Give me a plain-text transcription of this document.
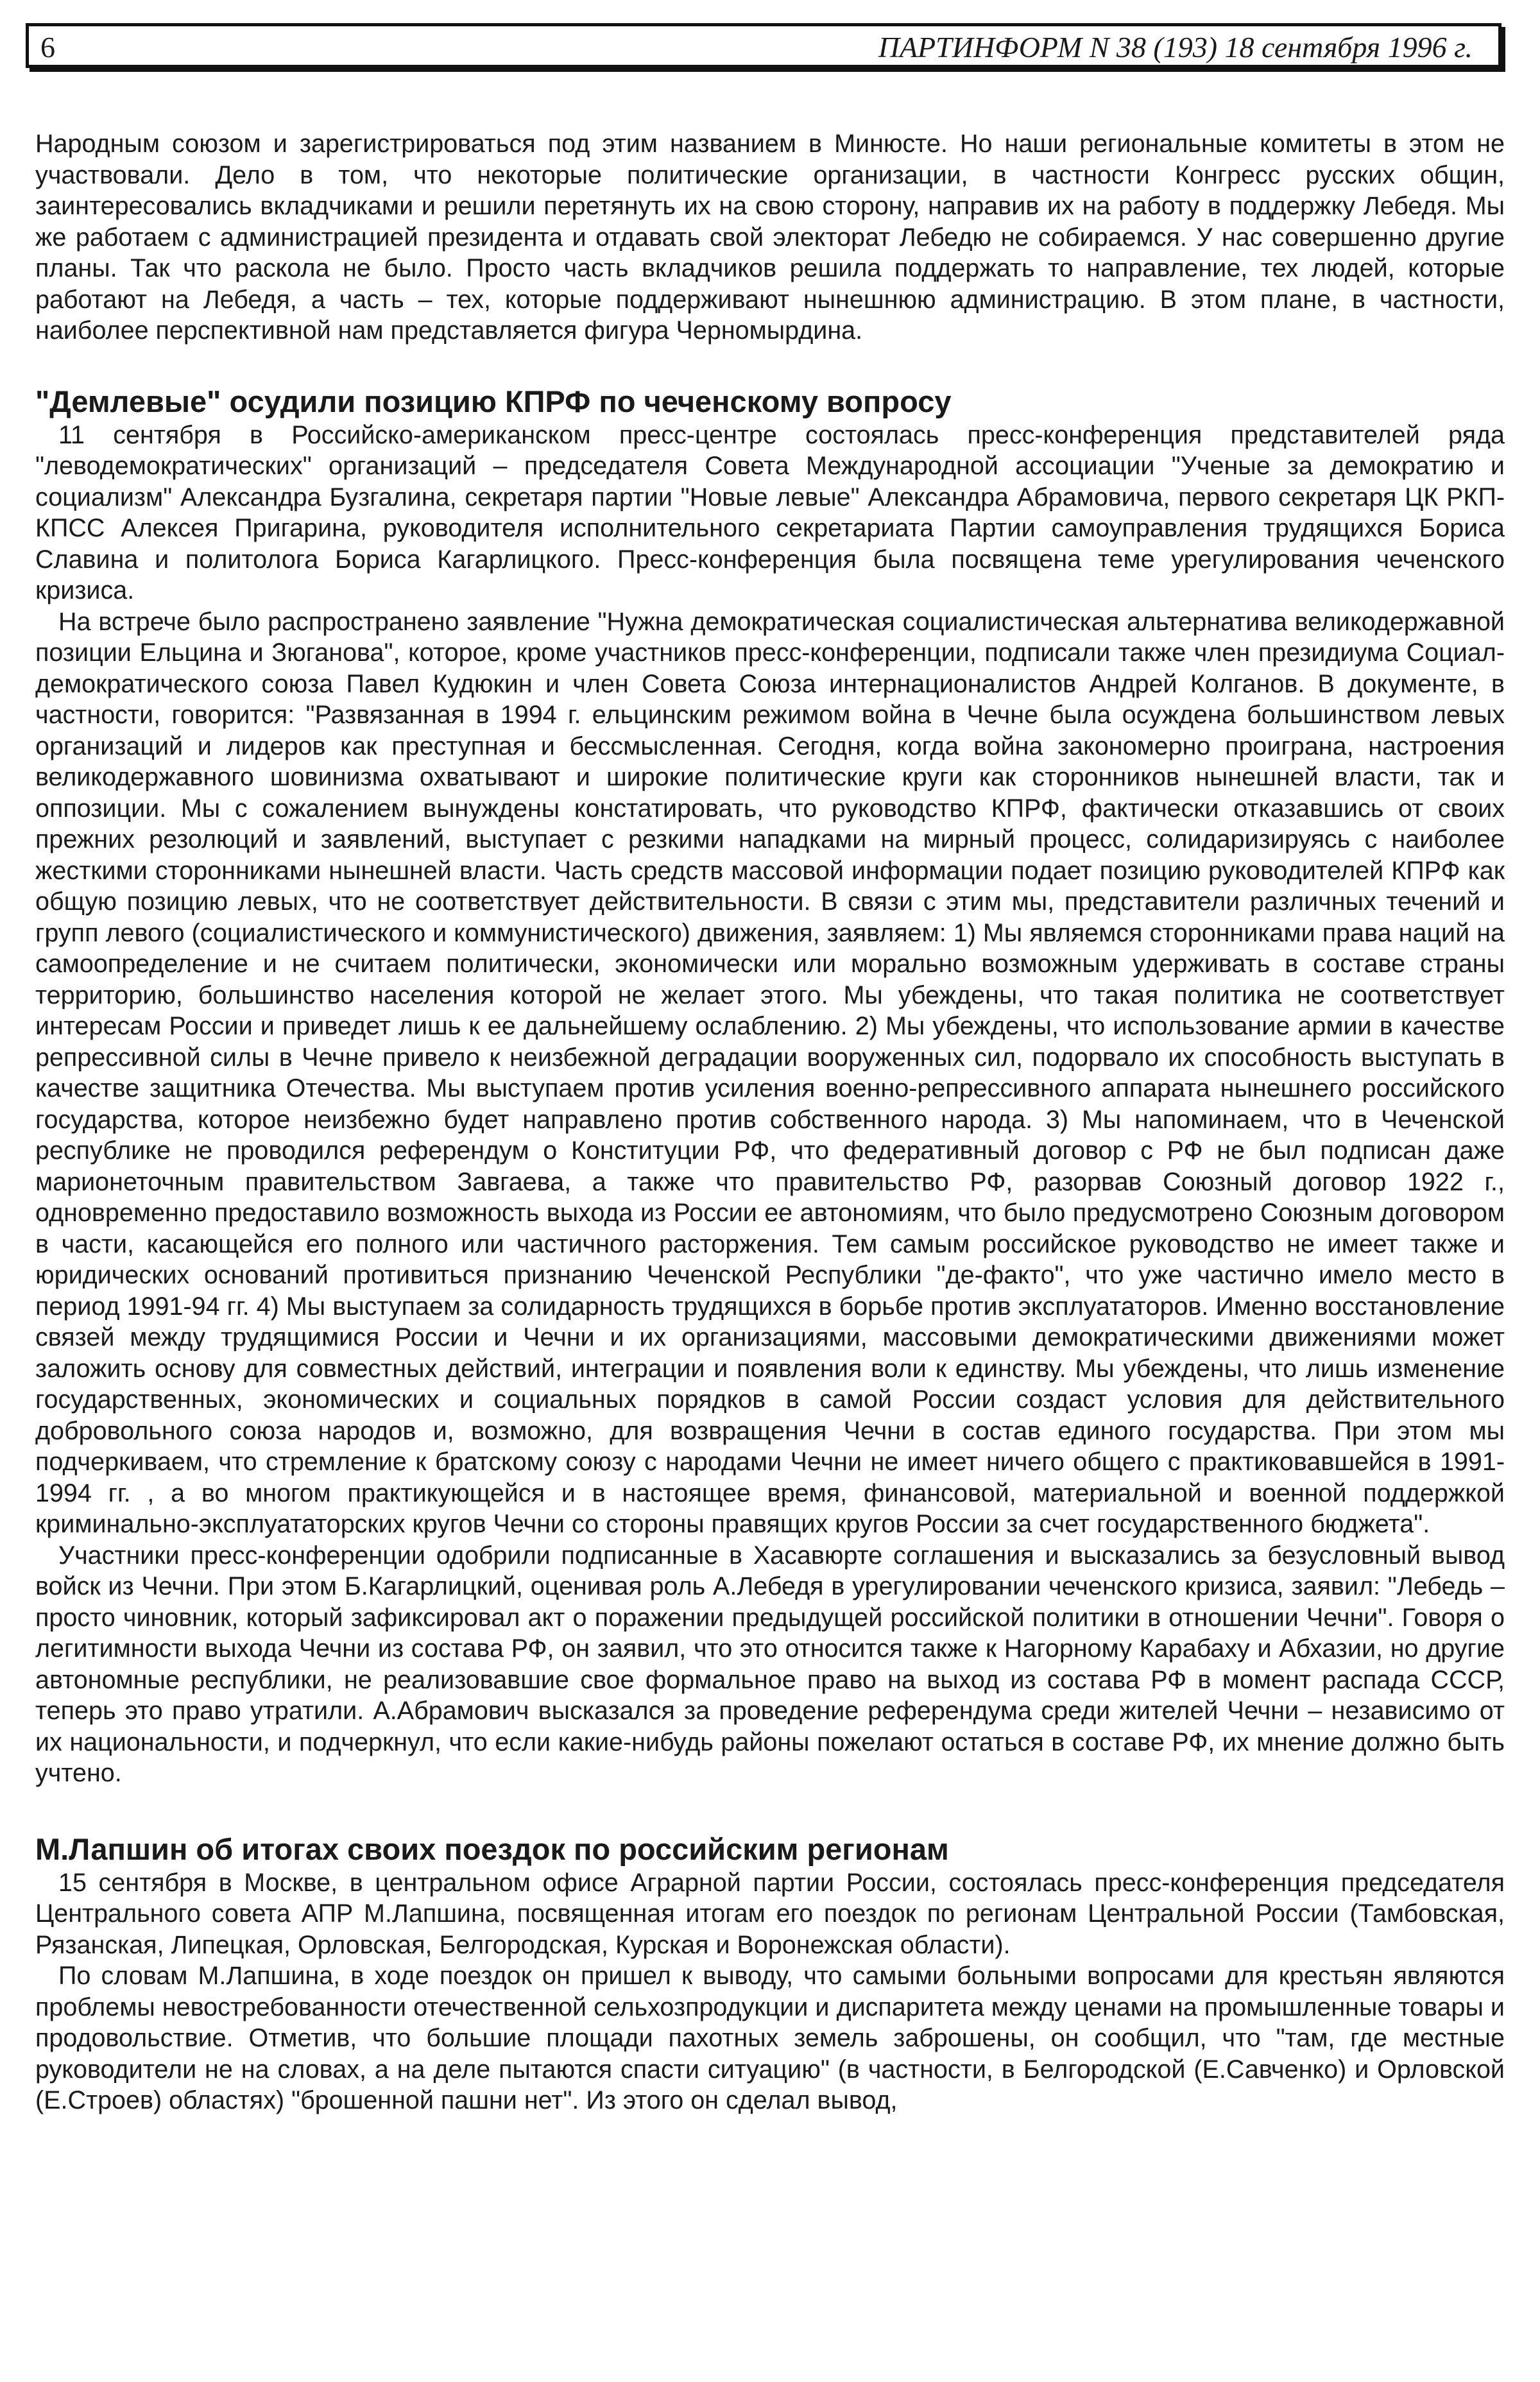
6	ПАРТИНФОРМ N 38 (193) 18 сентября 1996 г.

Народным союзом и зарегистрироваться под этим названием в Минюсте. Но наши региональные комитеты в этом не участвовали. Дело в том, что некоторые политические организации, в частности Конгресс русских общин, заинтересовались вкладчиками и решили перетянуть их на свою сторону, направив их на работу в поддержку Лебедя. Мы же работаем с администрацией президента и отдавать свой электорат Лебедю не собираемся. У нас совершенно другие планы. Так что раскола не было. Просто часть вкладчиков решила поддержать то направление, тех людей, которые работают на Лебедя, а часть – тех, которые поддерживают нынешнюю администрацию. В этом плане, в частности, наиболее перспективной нам представляется фигура Черномырдина.

"Демлевые" осудили позицию КПРФ по чеченскому вопросу

11 сентября в Российско-американском пресс-центре состоялась пресс-конференция представителей ряда "леводемократических" организаций – председателя Совета Международной ассоциации "Ученые за демократию и социализм" Александра Бузгалина, секретаря партии "Новые левые" Александра Абрамовича, первого секретаря ЦК РКП-КПСС Алексея Пригарина, руководителя исполнительного секретариата Партии самоуправления трудящихся Бориса Славина и политолога Бориса Кагарлицкого. Пресс-конференция была посвящена теме урегулирования чеченского кризиса.

На встрече было распространено заявление "Нужна демократическая социалистическая альтернатива великодержавной позиции Ельцина и Зюганова", которое, кроме участников пресс-конференции, подписали также член президиума Социал-демократического союза Павел Кудюкин и член Совета Союза интернационалистов Андрей Колганов. В документе, в частности, говорится: "Развязанная в 1994 г. ельцинским режимом война в Чечне была осуждена большинством левых организаций и лидеров как преступная и бессмысленная. Сегодня, когда война закономерно проиграна, настроения великодержавного шовинизма охватывают и широкие политические круги как сторонников нынешней власти, так и оппозиции. Мы с сожалением вынуждены констатировать, что руководство КПРФ, фактически отказавшись от своих прежних резолюций и заявлений, выступает с резкими нападками на мирный процесс, солидаризируясь с наиболее жесткими сторонниками нынешней власти. Часть средств массовой информации подает позицию руководителей КПРФ как общую позицию левых, что не соответствует действительности. В связи с этим мы, представители различных течений и групп левого (социалистического и коммунистического) движения, заявляем: 1) Мы являемся сторонниками права наций на самоопределение и не считаем политически, экономически или морально возможным удерживать в составе страны территорию, большинство населения которой не желает этого. Мы убеждены, что такая политика не соответствует интересам России и приведет лишь к ее дальнейшему ослаблению. 2) Мы убеждены, что использование армии в качестве репрессивной силы в Чечне привело к неизбежной деградации вооруженных сил, подорвало их способность выступать в качестве защитника Отечества. Мы выступаем против усиления военно-репрессивного аппарата нынешнего российского государства, которое неизбежно будет направлено против собственного народа. 3) Мы напоминаем, что в Чеченской республике не проводился референдум о Конституции РФ, что федеративный договор с РФ не был подписан даже марионеточным правительством Завгаева, а также что правительство РФ, разорвав Союзный договор 1922 г., одновременно предоставило возможность выхода из России ее автономиям, что было предусмотрено Союзным договором в части, касающейся его полного или частичного расторжения. Тем самым российское руководство не имеет также и юридических оснований противиться признанию Чеченской Республики "де-факто", что уже частично имело место в период 1991-94 гг. 4) Мы выступаем за солидарность трудящихся в борьбе против эксплуататоров. Именно восстановление связей между трудящимися России и Чечни и их организациями, массовыми демократическими движениями может заложить основу для совместных действий, интеграции и появления воли к единству. Мы убеждены, что лишь изменение государственных, экономических и социальных порядков в самой России создаст условия для действительного добровольного союза народов и, возможно, для возвращения Чечни в состав единого государства. При этом мы подчеркиваем, что стремление к братскому союзу с народами Чечни не имеет ничего общего с практиковавшейся в 1991-1994 гг. , а во многом практикующейся и в настоящее время, финансовой, материальной и военной поддержкой криминально-эксплуататорских кругов Чечни со стороны правящих кругов России за счет государственного бюджета".

Участники пресс-конференции одобрили подписанные в Хасавюрте соглашения и высказались за безусловный вывод войск из Чечни. При этом Б.Кагарлицкий, оценивая роль А.Лебедя в урегулировании чеченского кризиса, заявил: "Лебедь – просто чиновник, который зафиксировал акт о поражении предыдущей российской политики в отношении Чечни". Говоря о легитимности выхода Чечни из состава РФ, он заявил, что это относится также к Нагорному Карабаху и Абхазии, но другие автономные республики, не реализовавшие свое формальное право на выход из состава РФ в момент распада СССР, теперь это право утратили. А.Абрамович высказался за проведение референдума среди жителей Чечни – независимо от их национальности, и подчеркнул, что если какие-нибудь районы пожелают остаться в составе РФ, их мнение должно быть учтено.

М.Лапшин об итогах своих поездок по российским регионам

15 сентября в Москве, в центральном офисе Аграрной партии России, состоялась пресс-конференция председателя Центрального совета АПР М.Лапшина, посвященная итогам его поездок по регионам Центральной России (Тамбовская, Рязанская, Липецкая, Орловская, Белгородская, Курская и Воронежская области).

По словам М.Лапшина, в ходе поездок он пришел к выводу, что самыми больными вопросами для крестьян являются проблемы невостребованности отечественной сельхозпродукции и диспаритета между ценами на промышленные товары и продовольствие. Отметив, что большие площади пахотных земель заброшены, он сообщил, что "там, где местные руководители не на словах, а на деле пытаются спасти ситуацию" (в частности, в Белгородской (Е.Савченко) и Орловской (Е.Строев) областях) "брошенной пашни нет". Из этого он сделал вывод,
